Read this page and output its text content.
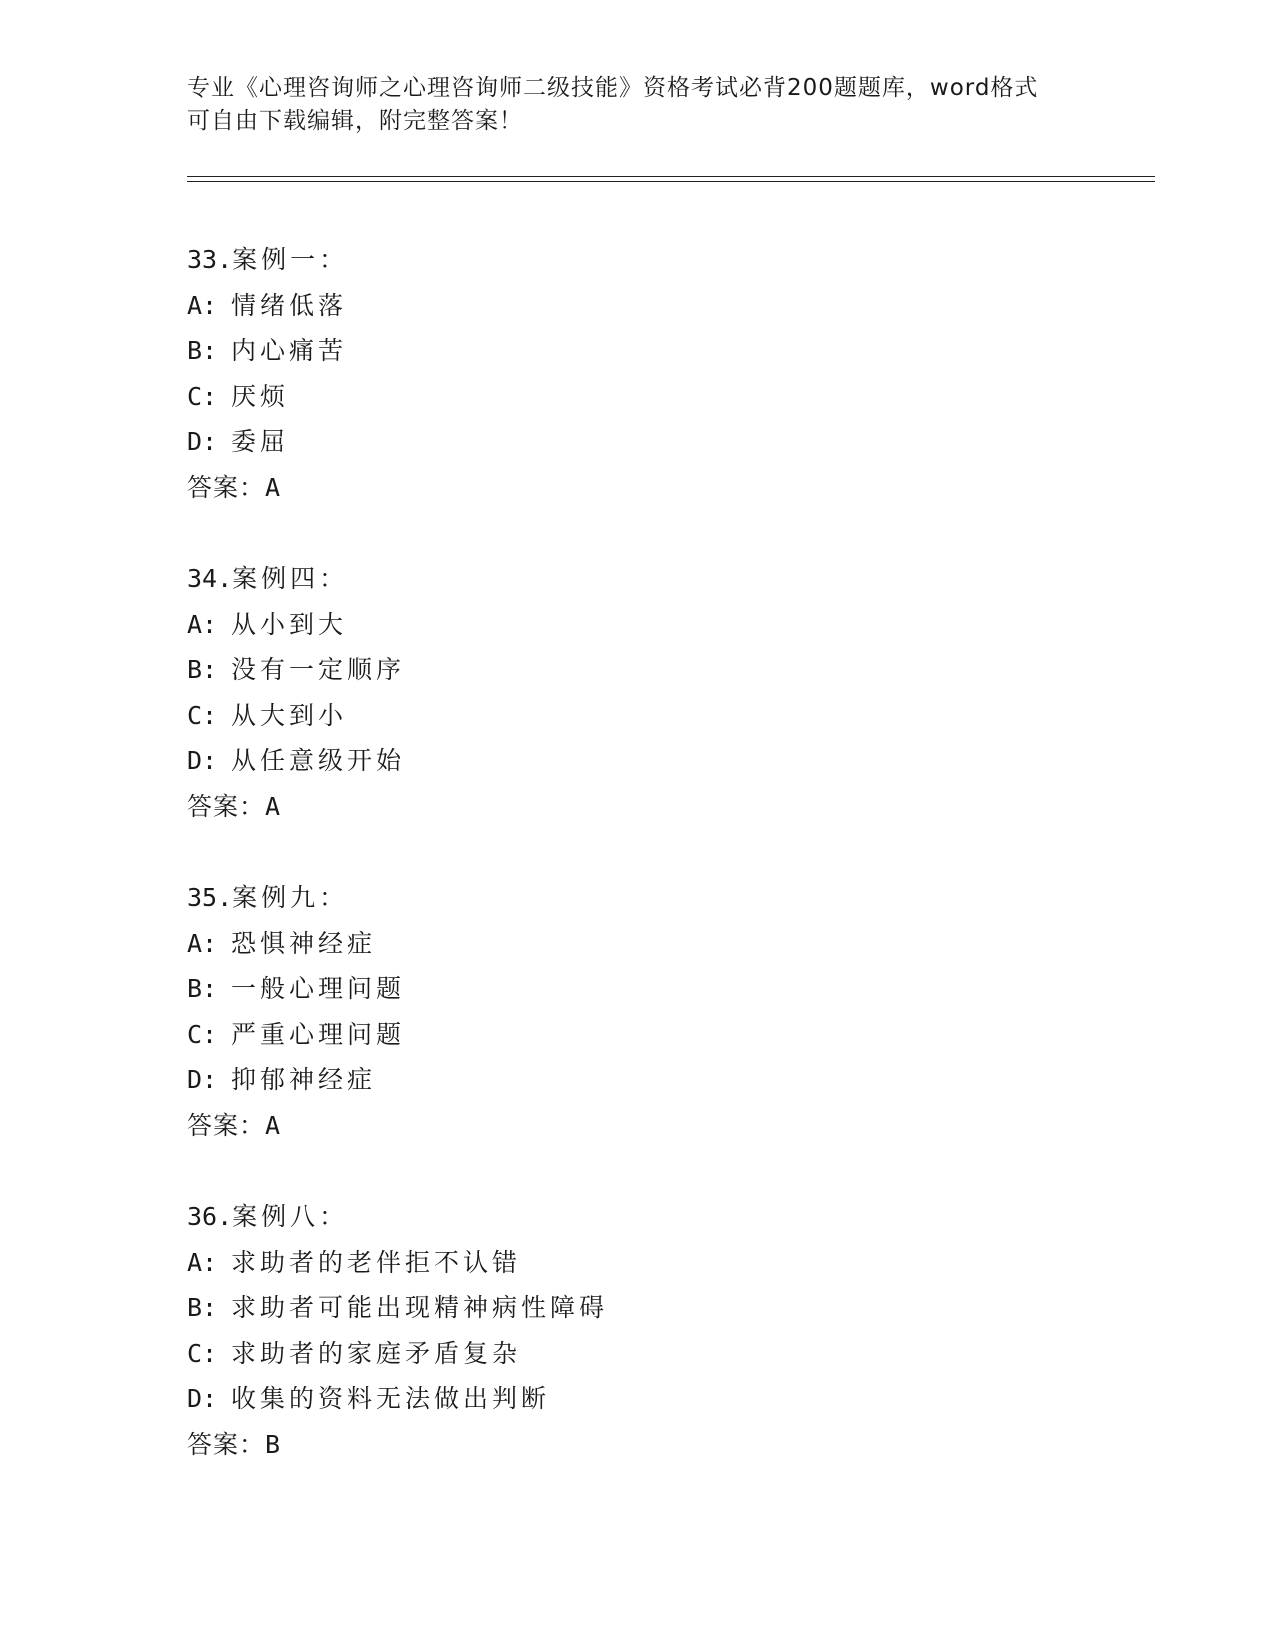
专业《心理咨询师之心理咨询师二级技能》资格考试必背200题题库，word格式
可自由下载编辑，附完整答案！
33.案例一：
A: 情绪低落
B: 内心痛苦
C: 厌烦
D: 委屈
答案：A
34.案例四：
A: 从小到大
B: 没有一定顺序
C: 从大到小
D: 从任意级开始
答案：A
35.案例九：
A: 恐惧神经症
B: 一般心理问题
C: 严重心理问题
D: 抑郁神经症
答案：A
36.案例八：
A: 求助者的老伴拒不认错
B: 求助者可能出现精神病性障碍
C: 求助者的家庭矛盾复杂
D: 收集的资料无法做出判断
答案：B
